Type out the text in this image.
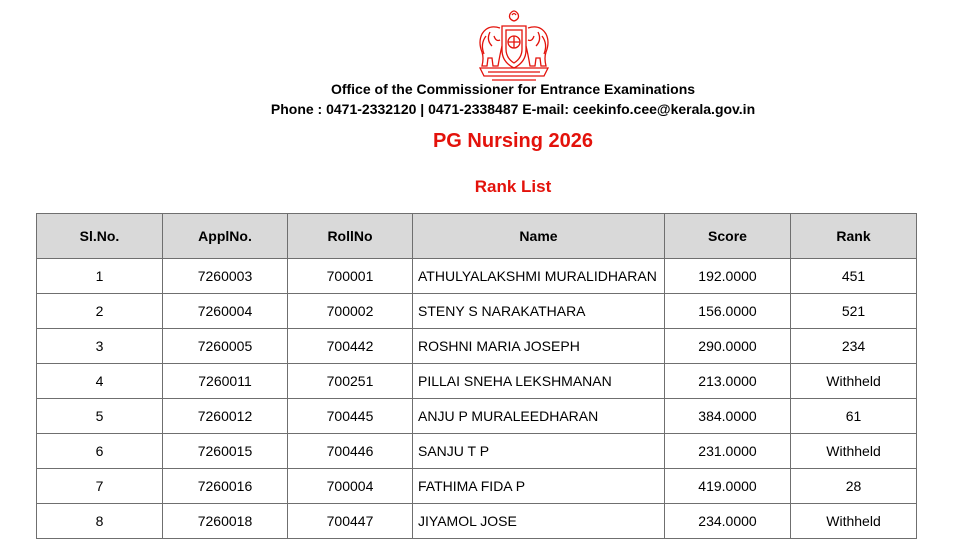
Office of the Commissioner for Entrance Examinations
Phone : 0471-2332120 | 0471-2338487 E-mail: ceekinfo.cee@kerala.gov.in
PG Nursing 2026
Rank List
Sl.No.	ApplNo.	RollNo	Name	Score	Rank
1	7260003	700001	ATHULYALAKSHMI MURALIDHARAN	192.0000	451
2	7260004	700002	STENY S NARAKATHARA	156.0000	521
3	7260005	700442	ROSHNI MARIA JOSEPH	290.0000	234
4	7260011	700251	PILLAI SNEHA LEKSHMANAN	213.0000	Withheld
5	7260012	700445	ANJU P MURALEEDHARAN	384.0000	61
6	7260015	700446	SANJU T P	231.0000	Withheld
7	7260016	700004	FATHIMA FIDA P	419.0000	28
8	7260018	700447	JIYAMOL JOSE	234.0000	Withheld
